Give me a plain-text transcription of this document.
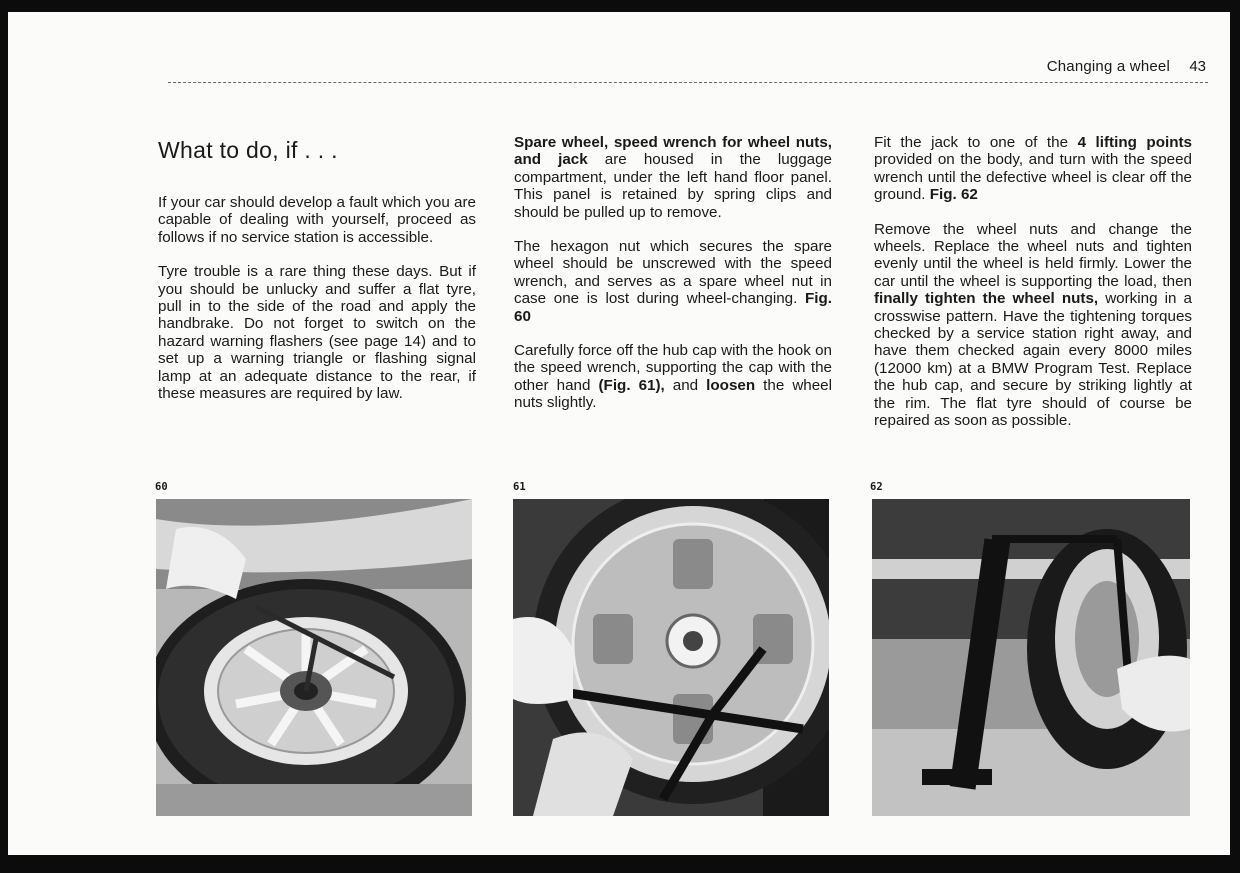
Changing a wheel 43
What to do, if . . .

If your car should develop a fault which you are capable of dealing with yourself, proceed as follows if no service station is accessible.

Tyre trouble is a rare thing these days. But if you should be unlucky and suffer a flat tyre, pull in to the side of the road and apply the handbrake. Do not forget to switch on the hazard warning flashers (see page 14) and to set up a warning triangle or flashing signal lamp at an adequate distance to the rear, if these measures are required by law.

Spare wheel, speed wrench for wheel nuts, and jack are housed in the luggage compartment, under the left hand floor panel. This panel is retained by spring clips and should be pulled up to remove.

The hexagon nut which secures the spare wheel should be unscrewed with the speed wrench, and serves as a spare wheel nut in case one is lost during wheel-changing. Fig. 60

Carefully force off the hub cap with the hook on the speed wrench, supporting the cap with the other hand (Fig. 61), and loosen the wheel nuts slightly.

Fit the jack to one of the 4 lifting points provided on the body, and turn with the speed wrench until the defective wheel is clear off the ground. Fig. 62

Remove the wheel nuts and change the wheels. Replace the wheel nuts and tighten evenly until the wheel is held firmly. Lower the car until the wheel is supporting the load, then finally tighten the wheel nuts, working in a crosswise pattern. Have the tightening torques checked by a service station right away, and have them checked again every 8000 miles (12000 km) at a BMW Program Test. Replace the hub cap, and secure by striking lightly at the rim. The flat tyre should of course be repaired as soon as possible.

60	61	62
